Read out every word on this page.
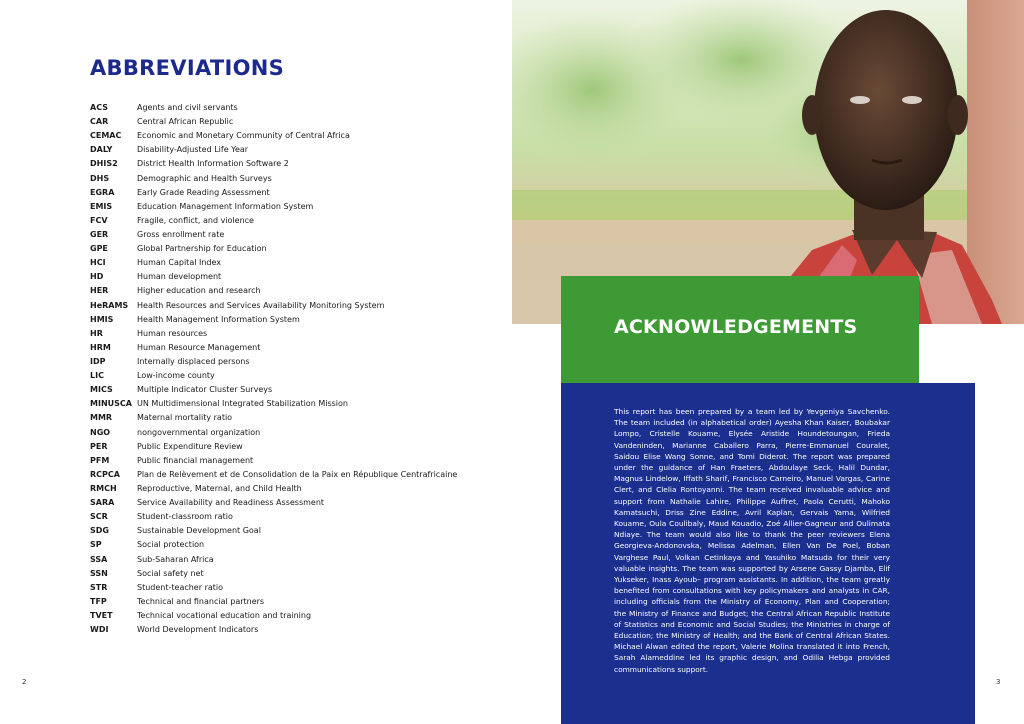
ABBREVIATIONS
ACS	Agents and civil servants
CAR	Central African Republic
CEMAC	Economic and Monetary Community of Central Africa
DALY	Disability-Adjusted Life Year
DHIS2	District Health Information Software 2
DHS	Demographic and Health Surveys
EGRA	Early Grade Reading Assessment
EMIS	Education Management Information System
FCV	Fragile, conflict, and violence
GER	Gross enrollment rate
GPE	Global Partnership for Education
HCI	Human Capital Index
HD	Human development
HER	Higher education and research
HeRAMS	Health Resources and Services Availability Monitoring System
HMIS	Health Management Information System
HR	Human resources
HRM	Human Resource Management
IDP	Internally displaced persons
LIC	Low-income county
MICS	Multiple Indicator Cluster Surveys
MINUSCA UN Multidimensional Integrated Stabilization Mission
MMR	Maternal mortality ratio
NGO	nongovernmental organization
PER	Public Expenditure Review
PFM	Public financial management
RCPCA	Plan de Relèvement et de Consolidation de la Paix en République Centrafricaine
RMCH	Reproductive, Maternal, and Child Health
SARA	Service Availability and Readiness Assessment
SCR	Student-classroom ratio
SDG	Sustainable Development Goal
SP	Social protection
SSA	Sub-Saharan Africa
SSN	Social safety net
STR	Student-teacher ratio
TFP	Technical and financial partners
TVET	Technical vocational education and training
WDI	World Development Indicators
2
ACKNOWLEDGEMENTS

This report has been prepared by a team led by Yevgeniya Savchenko. The team included (in alphabetical order) Ayesha Khan Kaiser, Boubakar Lompo, Cristelle Kouame, Elysée Aristide Houndetoungan, Frieda Vandeninden, Marianne Caballero Parra, Pierre-Emmanuel Couralet, Saidou Elise Wang Sonne, and Tomi Diderot. The report was prepared under the guidance of Han Fraeters, Abdoulaye Seck, Halil Dundar, Magnus Lindelow, Iffath Sharif, Francisco Carneiro, Manuel Vargas, Carine Clert, and Clelia Rontoyanni. The team received invaluable advice and support from Nathalie Lahire, Philippe Auffret, Paola Cerutti, Mahoko Kamatsuchi, Driss Zine Eddine, Avril Kaplan, Gervais Yama, Wilfried Kouame, Oula Coulibaly, Maud Kouadio, Zoé Allier-Gagneur and Oulimata Ndiaye. The team would also like to thank the peer reviewers Elena Georgieva-Andonovska, Melissa Adelman, Ellen Van De Poel, Boban Varghese Paul, Volkan Cetinkaya and Yasuhiko Matsuda for their very valuable insights. The team was supported by Arsene Gassy Djamba, Elif Yukseker, Inass Ayoub– program assistants. In addition, the team greatly benefited from consultations with key policymakers and analysts in CAR, including officials from the Ministry of Economy, Plan and Cooperation; the Ministry of Finance and Budget; the Central African Republic Institute of Statistics and Economic and Social Studies; the Ministries in charge of Education; the Ministry of Health; and the Bank of Central African States. Michael Alwan edited the report, Valerie Molina translated it into French, Sarah Alameddine led its graphic design, and Odilia Hebga provided communications support.

3
